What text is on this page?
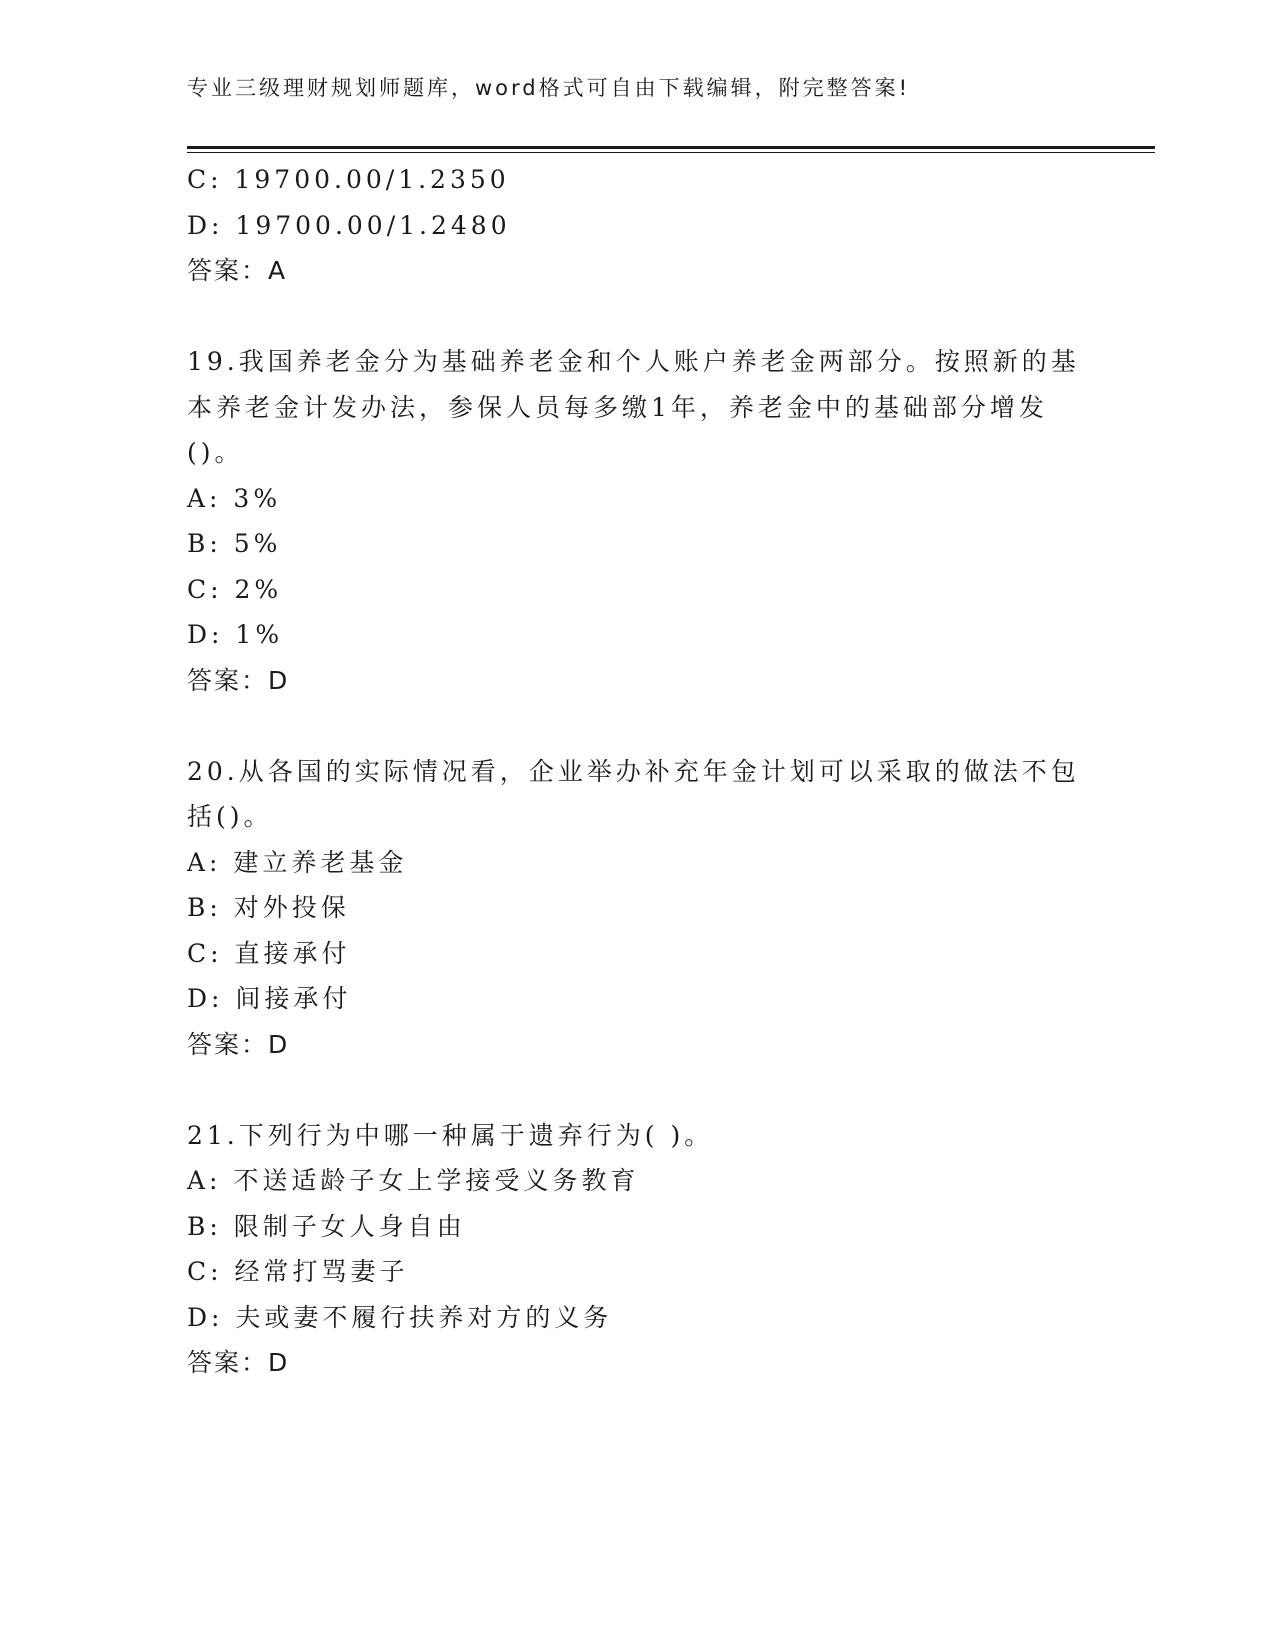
专业三级理财规划师题库，word格式可自由下载编辑，附完整答案!
C: 19700.00/1.2350
D: 19700.00/1.2480
答案：A
19.我国养老金分为基础养老金和个人账户养老金两部分。按照新的基
本养老金计发办法，参保人员每多缴1年，养老金中的基础部分增发
()。
A: 3%
B: 5%
C: 2%
D: 1%
答案：D
20.从各国的实际情况看，企业举办补充年金计划可以采取的做法不包
括()。
A: 建立养老基金
B: 对外投保
C: 直接承付
D: 间接承付
答案：D
21.下列行为中哪一种属于遗弃行为( )。
A: 不送适龄子女上学接受义务教育
B: 限制子女人身自由
C: 经常打骂妻子
D: 夫或妻不履行扶养对方的义务
答案：D
